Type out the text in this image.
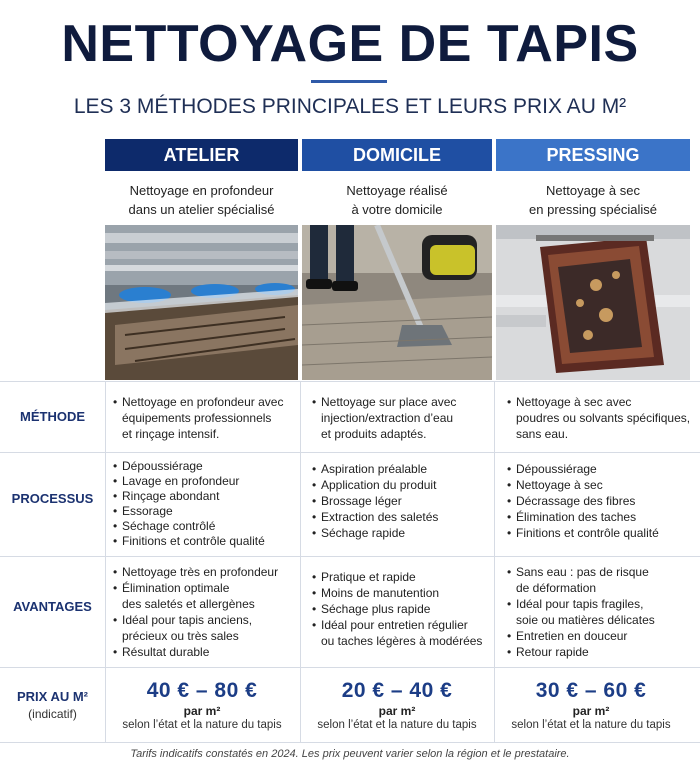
NETTOYAGE DE TAPIS
LES 3 MÉTHODES PRINCIPALES ET LEURS PRIX AU M²
ATELIER	DOMICILE	PRESSING
Nettoyage en profondeur
dans un atelier spécialisé
Nettoyage réalisé
à votre domicile
Nettoyage à sec
en pressing spécialisé
MÉTHODE
PROCESSUS
AVANTAGES
PRIX AU M²
(indicatif)
• Nettoyage en profondeur avec
équipements professionnels
et rinçage intensif.
• Nettoyage sur place avec
injection/extraction d’eau
et produits adaptés.
• Nettoyage à sec avec
poudres ou solvants spécifiques,
sans eau.
• Dépoussiérage
• Lavage en profondeur
• Rinçage abondant
• Essorage
• Séchage contrôlé
• Finitions et contrôle qualité
• Aspiration préalable
• Application du produit
• Brossage léger
• Extraction des saletés
• Séchage rapide
• Dépoussiérage
• Nettoyage à sec
• Décrassage des fibres
• Élimination des taches
• Finitions et contrôle qualité
• Nettoyage très en profondeur
• Élimination optimale
des saletés et allergènes
• Idéal pour tapis anciens,
précieux ou très sales
• Résultat durable
• Pratique et rapide
• Moins de manutention
• Séchage plus rapide
• Idéal pour entretien régulier
ou taches légères à modérées
• Sans eau : pas de risque
de déformation
• Idéal pour tapis fragiles,
soie ou matières délicates
• Entretien en douceur
• Retour rapide
40 € – 80 €
par m²
selon l’état et la nature du tapis
20 € – 40 €
par m²
selon l’état et la nature du tapis
30 € – 60 €
par m²
selon l’état et la nature du tapis
Tarifs indicatifs constatés en 2024. Les prix peuvent varier selon la région et le prestataire.
